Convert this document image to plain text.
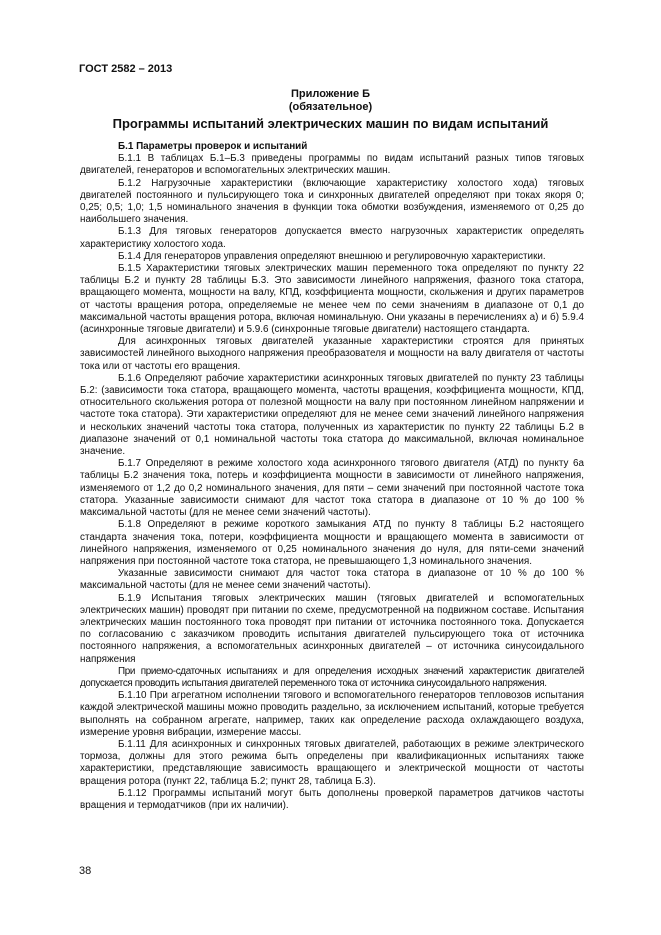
ГОСТ 2582 – 2013
Приложение Б
(обязательное)
Программы испытаний электрических машин по видам испытаний

Б.1 Параметры проверок и испытаний

Б.1.1 В таблицах Б.1–Б.3 приведены программы по видам испытаний разных типов тяговых двигателей, генераторов и вспомогательных электрических машин.

Б.1.2 Нагрузочные характеристики (включающие характеристику холостого хода) тяговых двигателей постоянного и пульсирующего тока и синхронных двигателей определяют при токах якоря 0; 0,25; 0,5; 1,0; 1,5 номинального значения в функции тока обмотки возбуждения, изменяемого от 0,25 до наибольшего значения.

Б.1.3 Для тяговых генераторов допускается вместо нагрузочных характеристик определять характеристику холостого хода.

Б.1.4 Для генераторов управления определяют внешнюю и регулировочную характеристики.

Б.1.5 Характеристики тяговых электрических машин переменного тока определяют по пункту 22 таблицы Б.2 и пункту 28 таблицы Б.3. Это зависимости линейного напряжения, фазного тока статора, вращающего момента, мощности на валу, КПД, коэффициента мощности, скольжения и других параметров от частоты вращения ротора, определяемые не менее чем по семи значениям в диапазоне от 0,1 до максимальной частоты вращения ротора, включая номинальную. Они указаны в перечислениях а) и б) 5.9.4 (асинхронные тяговые двигатели) и 5.9.6 (синхронные тяговые двигатели) настоящего стандарта.

Для асинхронных тяговых двигателей указанные характеристики строятся для принятых зависимостей линейного выходного напряжения преобразователя и мощности на валу двигателя от частоты тока или от частоты его вращения.

Б.1.6 Определяют рабочие характеристики асинхронных тяговых двигателей по пункту 23 таблицы Б.2: (зависимости тока статора, вращающего момента, частоты вращения, коэффициента мощности, КПД, относительного скольжения ротора от полезной мощности на валу при постоянном линейном напряжении и частоте тока статора). Эти характеристики определяют для не менее семи значений линейного напряжения и нескольких значений частоты тока статора, полученных из характеристик по пункту 22 таблицы Б.2 в диапазоне значений от 0,1 номинальной частоты тока статора до максимальной, включая номинальное значение.

Б.1.7 Определяют в режиме холостого хода асинхронного тягового двигателя (АТД) по пункту 6а таблицы Б.2 значения тока, потерь и коэффициента мощности в зависимости от линейного напряжения, изменяемого от 1,2 до 0,2 номинального значения, для пяти – семи значений при постоянной частоте тока статора. Указанные зависимости снимают для частот тока статора в диапазоне от 10 % до 100 % максимальной частоты (для не менее семи значений частоты).

Б.1.8 Определяют в режиме короткого замыкания АТД по пункту 8 таблицы Б.2 настоящего стандарта значения тока, потери, коэффициента мощности и вращающего момента в зависимости от линейного напряжения, изменяемого от 0,25 номинального значения до нуля, для пяти-семи значений напряжения при постоянной частоте тока статора, не превышающего 1,3 номинального значения.

Указанные зависимости снимают для частот тока статора в диапазоне от 10 % до 100 % максимальной частоты (для не менее семи значений частоты).

Б.1.9 Испытания тяговых электрических машин (тяговых двигателей и вспомогательных электрических машин) проводят при питании по схеме, предусмотренной на подвижном составе. Испытания электрических машин постоянного тока проводят при питании от источника постоянного тока. Допускается по согласованию с заказчиком проводить испытания двигателей пульсирующего тока от источника постоянного напряжения, а вспомогательных асинхронных двигателей – от источника синусоидального напряжения

При приемо-сдаточных испытаниях и для определения исходных значений характеристик двигателей допускается проводить испытания двигателей переменного тока от источника синусоидального напряжения.

Б.1.10 При агрегатном исполнении тягового и вспомогательного генераторов тепловозов испытания каждой электрической машины можно проводить раздельно, за исключением испытаний, которые требуется выполнять на собранном агрегате, например, таких как определение расхода охлаждающего воздуха, измерение уровня вибрации, измерение массы.

Б.1.11 Для асинхронных и синхронных тяговых двигателей, работающих в режиме электрического тормоза, должны для этого режима быть определены при квалификационных испытаниях также характеристики, представляющие зависимость вращающего и электрической мощности от частоты вращения ротора (пункт 22, таблица Б.2; пункт 28, таблица Б.3).

Б.1.12 Программы испытаний могут быть дополнены проверкой параметров датчиков частоты вращения и термодатчиков (при их наличии).

38
